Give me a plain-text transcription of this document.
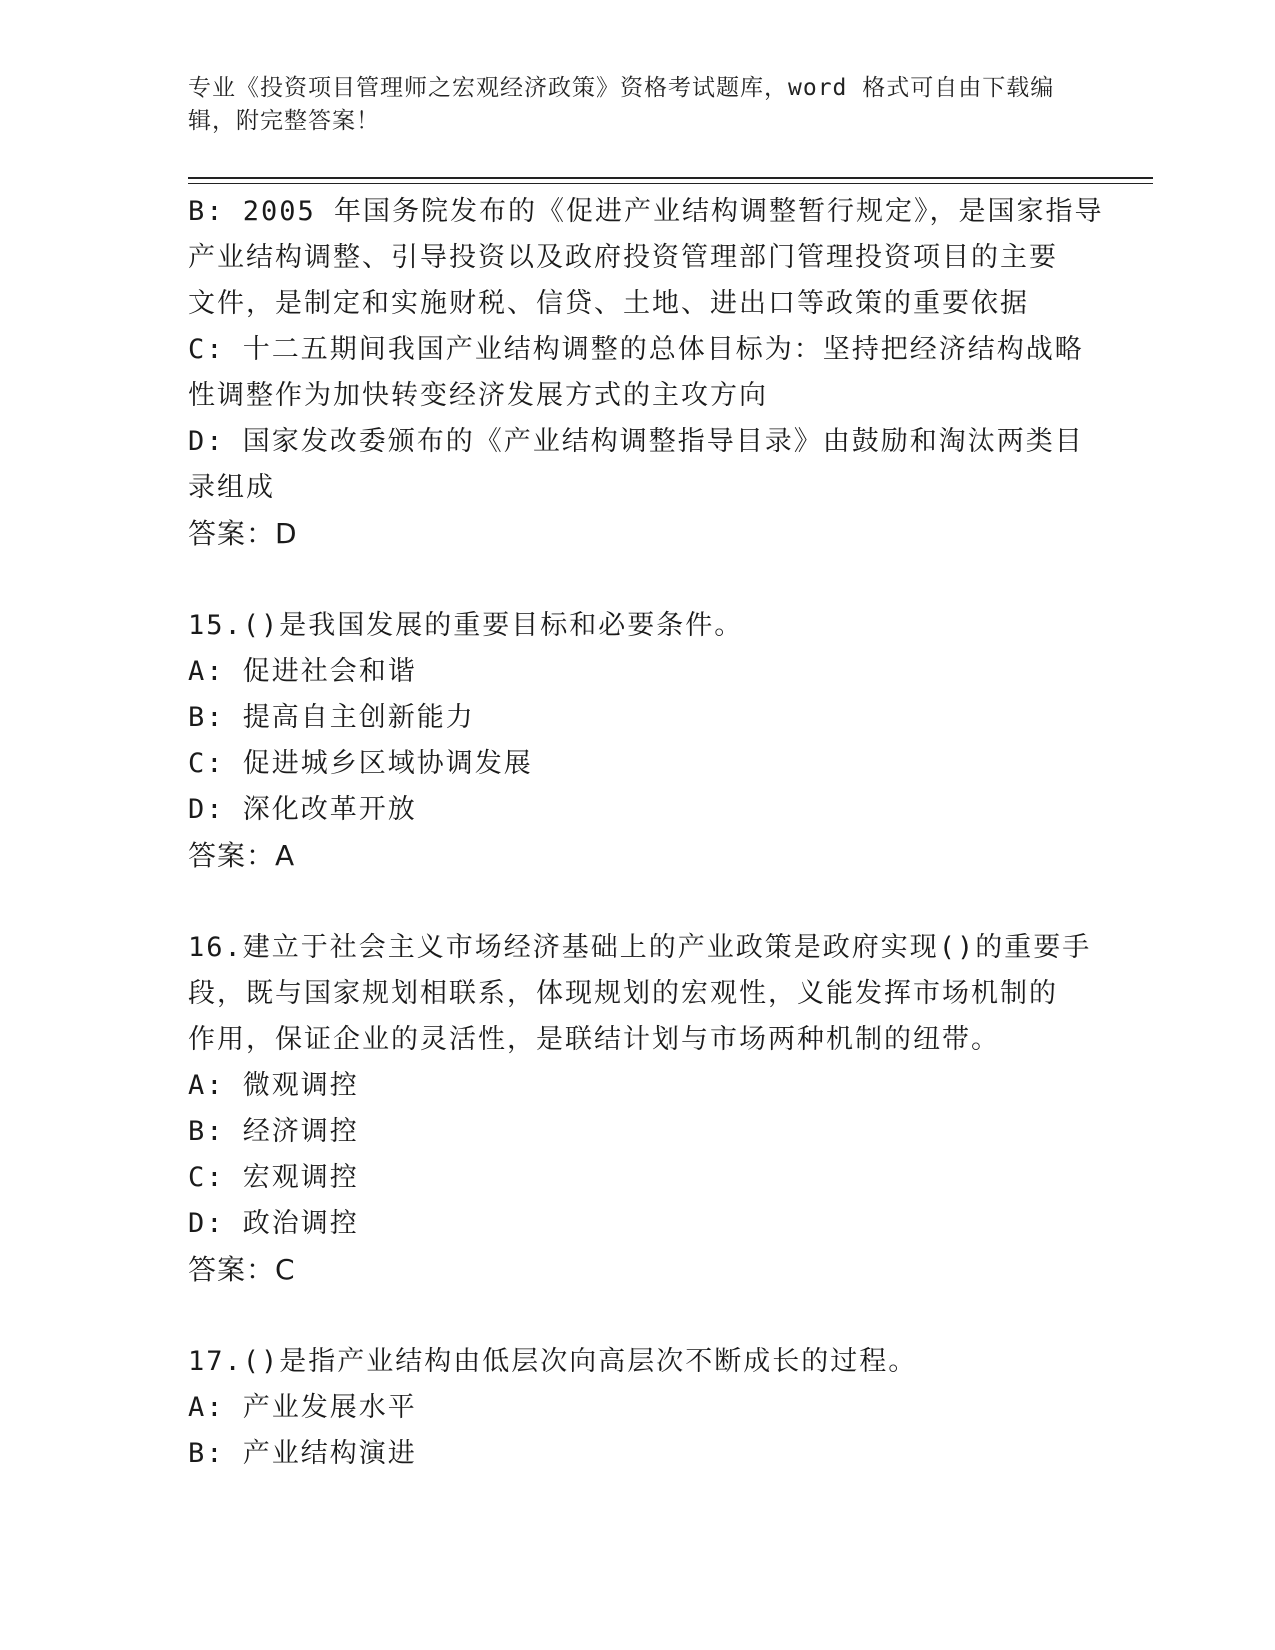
专业《投资项目管理师之宏观经济政策》资格考试题库，word 格式可自由下载编
辑，附完整答案！
B: 2005 年国务院发布的《促进产业结构调整暂行规定》，是国家指导
产业结构调整、引导投资以及政府投资管理部门管理投资项目的主要
文件，是制定和实施财税、信贷、土地、进出口等政策的重要依据
C: 十二五期间我国产业结构调整的总体目标为：坚持把经济结构战略
性调整作为加快转变经济发展方式的主攻方向
D: 国家发改委颁布的《产业结构调整指导目录》由鼓励和淘汰两类目
录组成
答案：D
15.()是我国发展的重要目标和必要条件。
A: 促进社会和谐
B: 提高自主创新能力
C: 促进城乡区域协调发展
D: 深化改革开放
答案：A
16.建立于社会主义市场经济基础上的产业政策是政府实现()的重要手
段，既与国家规划相联系，体现规划的宏观性，义能发挥市场机制的
作用，保证企业的灵活性，是联结计划与市场两种机制的纽带。
A: 微观调控
B: 经济调控
C: 宏观调控
D: 政治调控
答案：C
17.()是指产业结构由低层次向高层次不断成长的过程。
A: 产业发展水平
B: 产业结构演进
